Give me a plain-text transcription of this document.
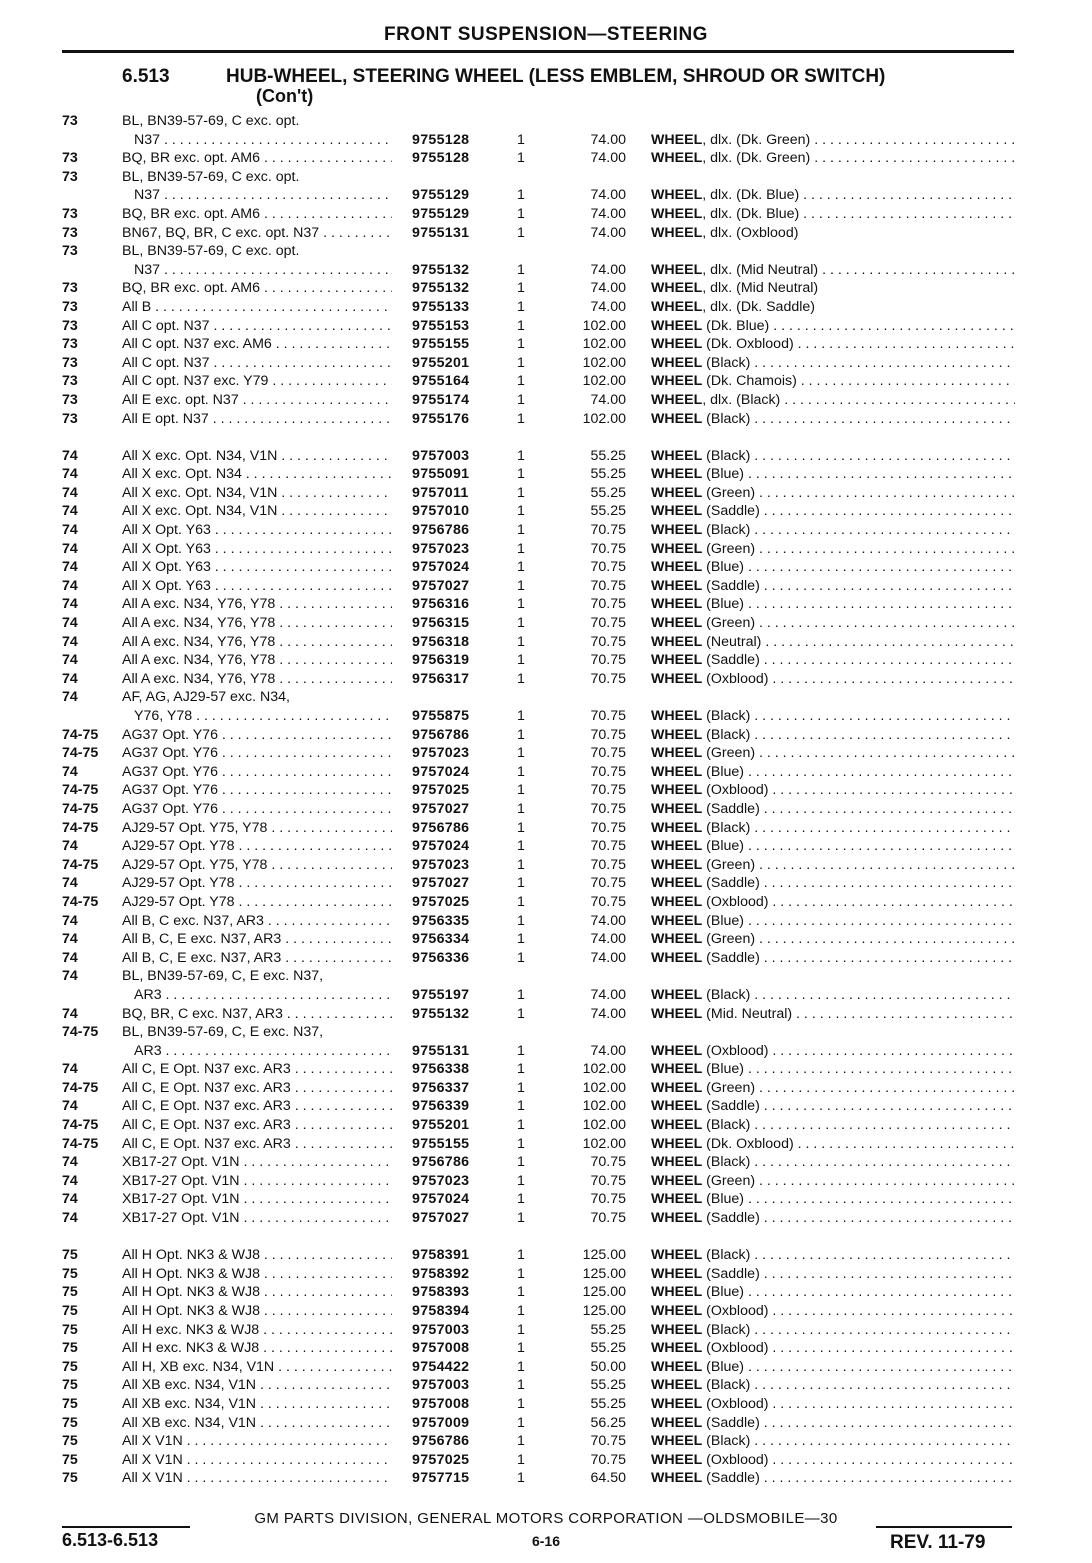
FRONT SUSPENSION—STEERING
6.513	HUB-WHEEL, STEERING WHEEL (LESS EMBLEM, SHROUD OR SWITCH)
(Con't)
73	BL, BN39-57-69, C exc. opt.
N37 . . .	9755128	1	74.00 WHEEL, dlx. (Dk. Green) . . .
73	BQ, BR exc. opt. AM6 . . .	9755128	1	74.00 WHEEL, dlx. (Dk. Green) . . .
73	BL, BN39-57-69, C exc. opt.
N37 . . .	9755129	1	74.00 WHEEL, dlx. (Dk. Blue) . . .
73	BQ, BR exc. opt. AM6 . . .	9755129	1	74.00 WHEEL, dlx. (Dk. Blue) . . .
73	BN67, BQ, BR, C exc. opt. N37 . . .	9755131	1	74.00 WHEEL, dlx. (Oxblood)
73	BL, BN39-57-69, C exc. opt.
N37 . . .	9755132	1	74.00 WHEEL, dlx. (Mid Neutral) . . .
73	BQ, BR exc. opt. AM6 . . .	9755132	1	74.00 WHEEL, dlx. (Mid Neutral)
73	All B . . .	9755133	1	74.00 WHEEL, dlx. (Dk. Saddle)
73	All C opt. N37 . . .	9755153	1	102.00 WHEEL (Dk. Blue) . . .
73	All C opt. N37 exc. AM6 . . .	9755155	1	102.00 WHEEL (Dk. Oxblood) . . .
73	All C opt. N37 . . .	9755201	1	102.00 WHEEL (Black) . . .
73	All C opt. N37 exc. Y79 . . .	9755164	1	102.00 WHEEL (Dk. Chamois) . . .
73	All E exc. opt. N37 . . .	9755174	1	74.00 WHEEL, dlx. (Black) . . .
73	All E opt. N37 . . .	9755176	1	102.00 WHEEL (Black) . . .
74	All X exc. Opt. N34, V1N . . .	9757003	1	55.25 WHEEL (Black) . . .
74	All X exc. Opt. N34 . . .	9755091	1	55.25 WHEEL (Blue) . . .
74	All X exc. Opt. N34, V1N . . .	9757011	1	55.25 WHEEL (Green) . . .
74	All X exc. Opt. N34, V1N . . .	9757010	1	55.25 WHEEL (Saddle) . . .
74	All X Opt. Y63 . . .	9756786	1	70.75 WHEEL (Black) . . .
74	All X Opt. Y63 . . .	9757023	1	70.75 WHEEL (Green) . . .
74	All X Opt. Y63 . . .	9757024	1	70.75 WHEEL (Blue) . . .
74	All X Opt. Y63 . . .	9757027	1	70.75 WHEEL (Saddle) . . .
74	All A exc. N34, Y76, Y78 . . .	9756316	1	70.75 WHEEL (Blue) . . .
74	All A exc. N34, Y76, Y78 . . .	9756315	1	70.75 WHEEL (Green) . . .
74	All A exc. N34, Y76, Y78 . . .	9756318	1	70.75 WHEEL (Neutral) . . .
74	All A exc. N34, Y76, Y78 . . .	9756319	1	70.75 WHEEL (Saddle) . . .
74	All A exc. N34, Y76, Y78 . . .	9756317	1	70.75 WHEEL (Oxblood) . . .
74	AF, AG, AJ29-57 exc. N34,
Y76, Y78 . . .	9755875	1	70.75 WHEEL (Black) . . .
74-75 AG37 Opt. Y76 . . .	9756786	1	70.75 WHEEL (Black) . . .
74-75 AG37 Opt. Y76 . . .	9757023	1	70.75 WHEEL (Green) . . .
74	AG37 Opt. Y76 . . .	9757024	1	70.75 WHEEL (Blue) . . .
74-75 AG37 Opt. Y76 . . .	9757025	1	70.75 WHEEL (Oxblood) . . .
74-75 AG37 Opt. Y76 . . .	9757027	1	70.75 WHEEL (Saddle) . . .
74-75 AJ29-57 Opt. Y75, Y78 . . .	9756786	1	70.75 WHEEL (Black) . . .
74	AJ29-57 Opt. Y78 . . .	9757024	1	70.75 WHEEL (Blue) . . .
74-75 AJ29-57 Opt. Y75, Y78 . . .	9757023	1	70.75 WHEEL (Green) . . .
74	AJ29-57 Opt. Y78 . . .	9757027	1	70.75 WHEEL (Saddle) . . .
74-75 AJ29-57 Opt. Y78 . . .	9757025	1	70.75 WHEEL (Oxblood) . . .
74	All B, C exc. N37, AR3 . . .	9756335	1	74.00 WHEEL (Blue) . . .
74	All B, C, E exc. N37, AR3 . . .	9756334	1	74.00 WHEEL (Green) . . .
74	All B, C, E exc. N37, AR3 . . .	9756336	1	74.00 WHEEL (Saddle) . . .
74	BL, BN39-57-69, C, E exc. N37,
AR3 . . .	9755197	1	74.00 WHEEL (Black) . . .
74	BQ, BR, C exc. N37, AR3 . . .	9755132	1	74.00 WHEEL (Mid. Neutral) . . .
74-75 BL, BN39-57-69, C, E exc. N37,
AR3 . . .	9755131	1	74.00 WHEEL (Oxblood) . . .
74	All C, E Opt. N37 exc. AR3 . . .	9756338	1	102.00 WHEEL (Blue) . . .
74-75 All C, E Opt. N37 exc. AR3 . . .	9756337	1	102.00 WHEEL (Green) . . .
74	All C, E Opt. N37 exc. AR3 . . .	9756339	1	102.00 WHEEL (Saddle) . . .
74-75 All C, E Opt. N37 exc. AR3 . . .	9755201	1	102.00 WHEEL (Black) . . .
74-75 All C, E Opt. N37 exc. AR3 . . .	9755155	1	102.00 WHEEL (Dk. Oxblood) . . .
74	XB17-27 Opt. V1N . . .	9756786	1	70.75 WHEEL (Black) . . .
74	XB17-27 Opt. V1N . . .	9757023	1	70.75 WHEEL (Green) . . .
74	XB17-27 Opt. V1N . . .	9757024	1	70.75 WHEEL (Blue) . . .
74	XB17-27 Opt. V1N . . .	9757027	1	70.75 WHEEL (Saddle) . . .
75	All H Opt. NK3 & WJ8 . . .	9758391	1	125.00 WHEEL (Black) . . .
75	All H Opt. NK3 & WJ8 . . .	9758392	1	125.00 WHEEL (Saddle) . . .
75	All H Opt. NK3 & WJ8 . . .	9758393	1	125.00 WHEEL (Blue) . . .
75	All H Opt. NK3 & WJ8 . . .	9758394	1	125.00 WHEEL (Oxblood) . . .
75	All H exc. NK3 & WJ8 . . .	9757003	1	55.25 WHEEL (Black) . . .
75	All H exc. NK3 & WJ8 . . .	9757008	1	55.25 WHEEL (Oxblood) . . .
75	All H, XB exc. N34, V1N . . .	9754422	1	50.00 WHEEL (Blue) . . .
75	All XB exc. N34, V1N . . .	9757003	1	55.25 WHEEL (Black) . . .
75	All XB exc. N34, V1N . . .	9757008	1	55.25 WHEEL (Oxblood) . . .
75	All XB exc. N34, V1N . . .	9757009	1	56.25 WHEEL (Saddle) . . .
75	All X V1N . . .	9756786	1	70.75 WHEEL (Black) . . .
75	All X V1N . . .	9757025	1	70.75 WHEEL (Oxblood) . . .
75	All X V1N . . .	9757715	1	64.50 WHEEL (Saddle) . . .
GM PARTS DIVISION, GENERAL MOTORS CORPORATION —OLDSMOBILE—30
6-16
6.513-6.513	REV. 11-79
